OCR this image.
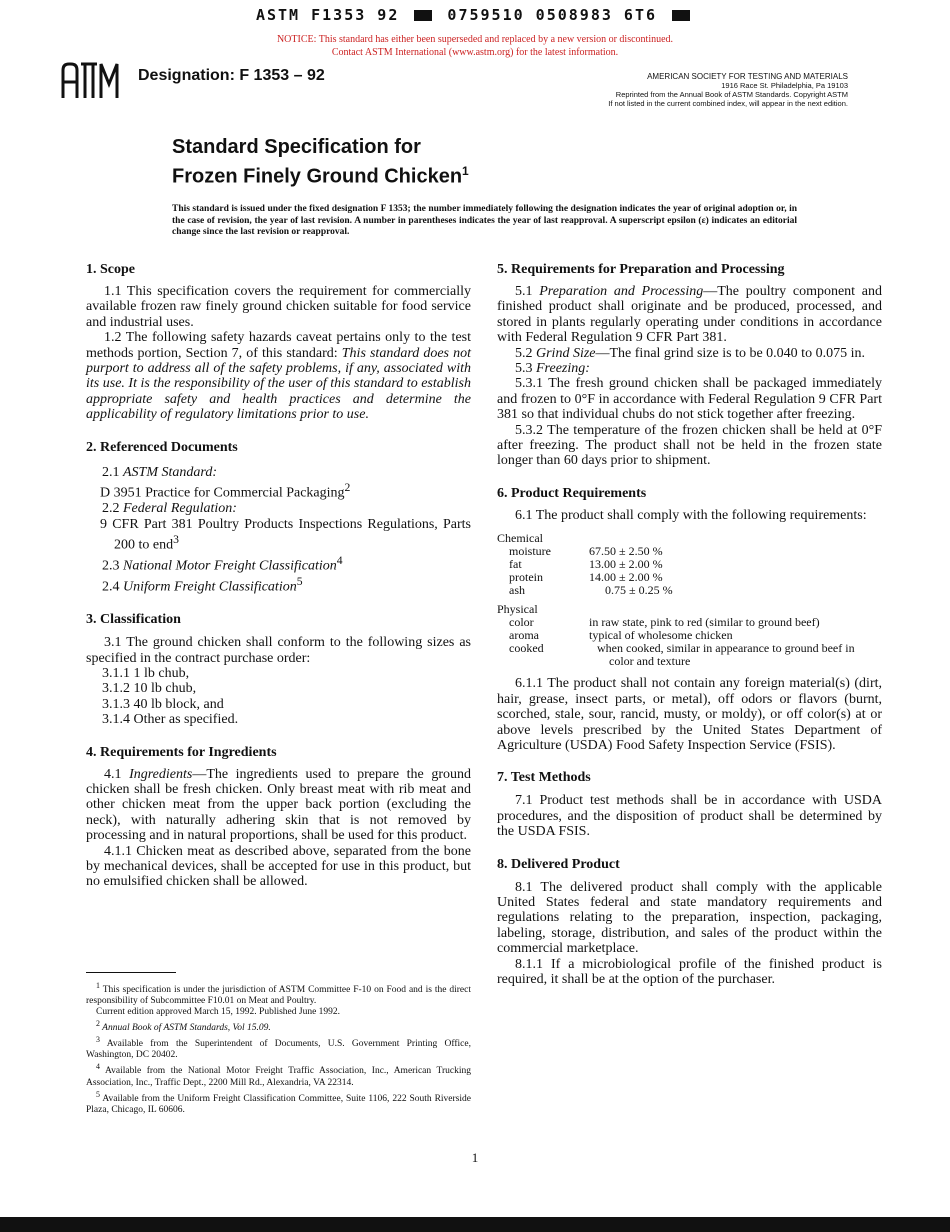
ASTM F1353 92	0759510 0508983 6T6
NOTICE: This standard has either been superseded and replaced by a new version or discontinued.
Contact ASTM International (www.astm.org) for the latest information.
Designation: F 1353 – 92	AMERICAN SOCIETY FOR TESTING AND MATERIALS
1916 Race St. Philadelphia, Pa 19103
Reprinted from the Annual Book of ASTM Standards. Copyright ASTM
If not listed in the current combined index, will appear in the next edition.
Standard Specification for
Frozen Finely Ground Chicken$^1$
This standard is issued under the fixed designation F 1353; the number immediately following the designation indicates the year of original adoption or, in the case of revision, the year of last revision. A number in parentheses indicates the year of last reapproval. A superscript epsilon (ε) indicates an editorial change since the last revision or reapproval.
1. Scope

1.1 This specification covers the requirement for commercially available frozen raw finely ground chicken suitable for food service and industrial uses.

1.2 The following safety hazards caveat pertains only to the test methods portion, Section 7, of this standard: This standard does not purport to address all of the safety problems, if any, associated with its use. It is the responsibility of the user of this standard to establish appropriate safety and health practices and determine the applicability of regulatory limitations prior to use.

2. Referenced Documents

2.1 ASTM Standard:

D 3951 Practice for Commercial Packaging$^2$

2.2 Federal Regulation:

9 CFR Part 381 Poultry Products Inspections Regulations, Parts 200 to end$^3$

2.3 National Motor Freight Classification$^4$

2.4 Uniform Freight Classification$^5$

3. Classification

3.1 The ground chicken shall conform to the following sizes as specified in the contract purchase order:

3.1.1 1 lb chub,

3.1.2 10 lb chub,

3.1.3 40 lb block, and

3.1.4 Other as specified.

4. Requirements for Ingredients

4.1 Ingredients—The ingredients used to prepare the ground chicken shall be fresh chicken. Only breast meat with rib meat and other chicken meat from the upper back portion (excluding the neck), with naturally adhering skin that is not removed by processing and in natural proportions, shall be used for this product.

4.1.1 Chicken meat as described above, separated from the bone by mechanical devices, shall be accepted for use in this product, but no emulsified chicken shall be allowed.

$^1$ This specification is under the jurisdiction of ASTM Committee F-10 on Food and is the direct responsibility of Subcommittee F10.01 on Meat and Poultry.

Current edition approved March 15, 1992. Published June 1992.

$^2$ Annual Book of ASTM Standards, Vol 15.09.

$^3$ Available from the Superintendent of Documents, U.S. Government Printing Office, Washington, DC 20402.

$^4$ Available from the National Motor Freight Traffic Association, Inc., American Trucking Association, Inc., Traffic Dept., 2200 Mill Rd., Alexandria, VA 22314.

$^5$ Available from the Uniform Freight Classification Committee, Suite 1106, 222 South Riverside Plaza, Chicago, IL 60606.

5. Requirements for Preparation and Processing

5.1 Preparation and Processing—The poultry component and finished product shall originate and be produced, processed, and stored in plants regularly operating under conditions in accordance with Federal Regulation 9 CFR Part 381.

5.2 Grind Size—The final grind size is to be 0.040 to 0.075 in.

5.3 Freezing:

5.3.1 The fresh ground chicken shall be packaged immediately and frozen to 0°F in accordance with Federal Regulation 9 CFR Part 381 so that individual chubs do not stick together after freezing.

5.3.2 The temperature of the frozen chicken shall be held at 0°F after freezing. The product shall not be held in the frozen state longer than 60 days prior to shipment.

6. Product Requirements

6.1 The product shall comply with the following requirements:

Chemical	
moisture	67.50 ± 2.50 %
fat	13.00 ± 2.00 %
protein	14.00 ± 2.00 %
ash	0.75 ± 0.25 %

Physical	
color	in raw state, pink to red (similar to ground beef)
aroma	typical of wholesome chicken
cooked	when cooked, similar in appearance to ground beef in color and texture

6.1.1 The product shall not contain any foreign material(s) (dirt, hair, grease, insect parts, or metal), off odors or flavors (burnt, scorched, stale, sour, rancid, musty, or moldy), or off color(s) at or above levels prescribed by the United States Department of Agriculture (USDA) Food Safety Inspection Service (FSIS).

7. Test Methods

7.1 Product test methods shall be in accordance with USDA procedures, and the disposition of product shall be determined by the USDA FSIS.

8. Delivered Product

8.1 The delivered product shall comply with the applicable United States federal and state mandatory requirements and regulations relating to the preparation, inspection, packaging, labeling, storage, distribution, and sales of the product within the commercial marketplace.

8.1.1 If a microbiological profile of the finished product is required, it shall be at the option of the purchaser.

1
